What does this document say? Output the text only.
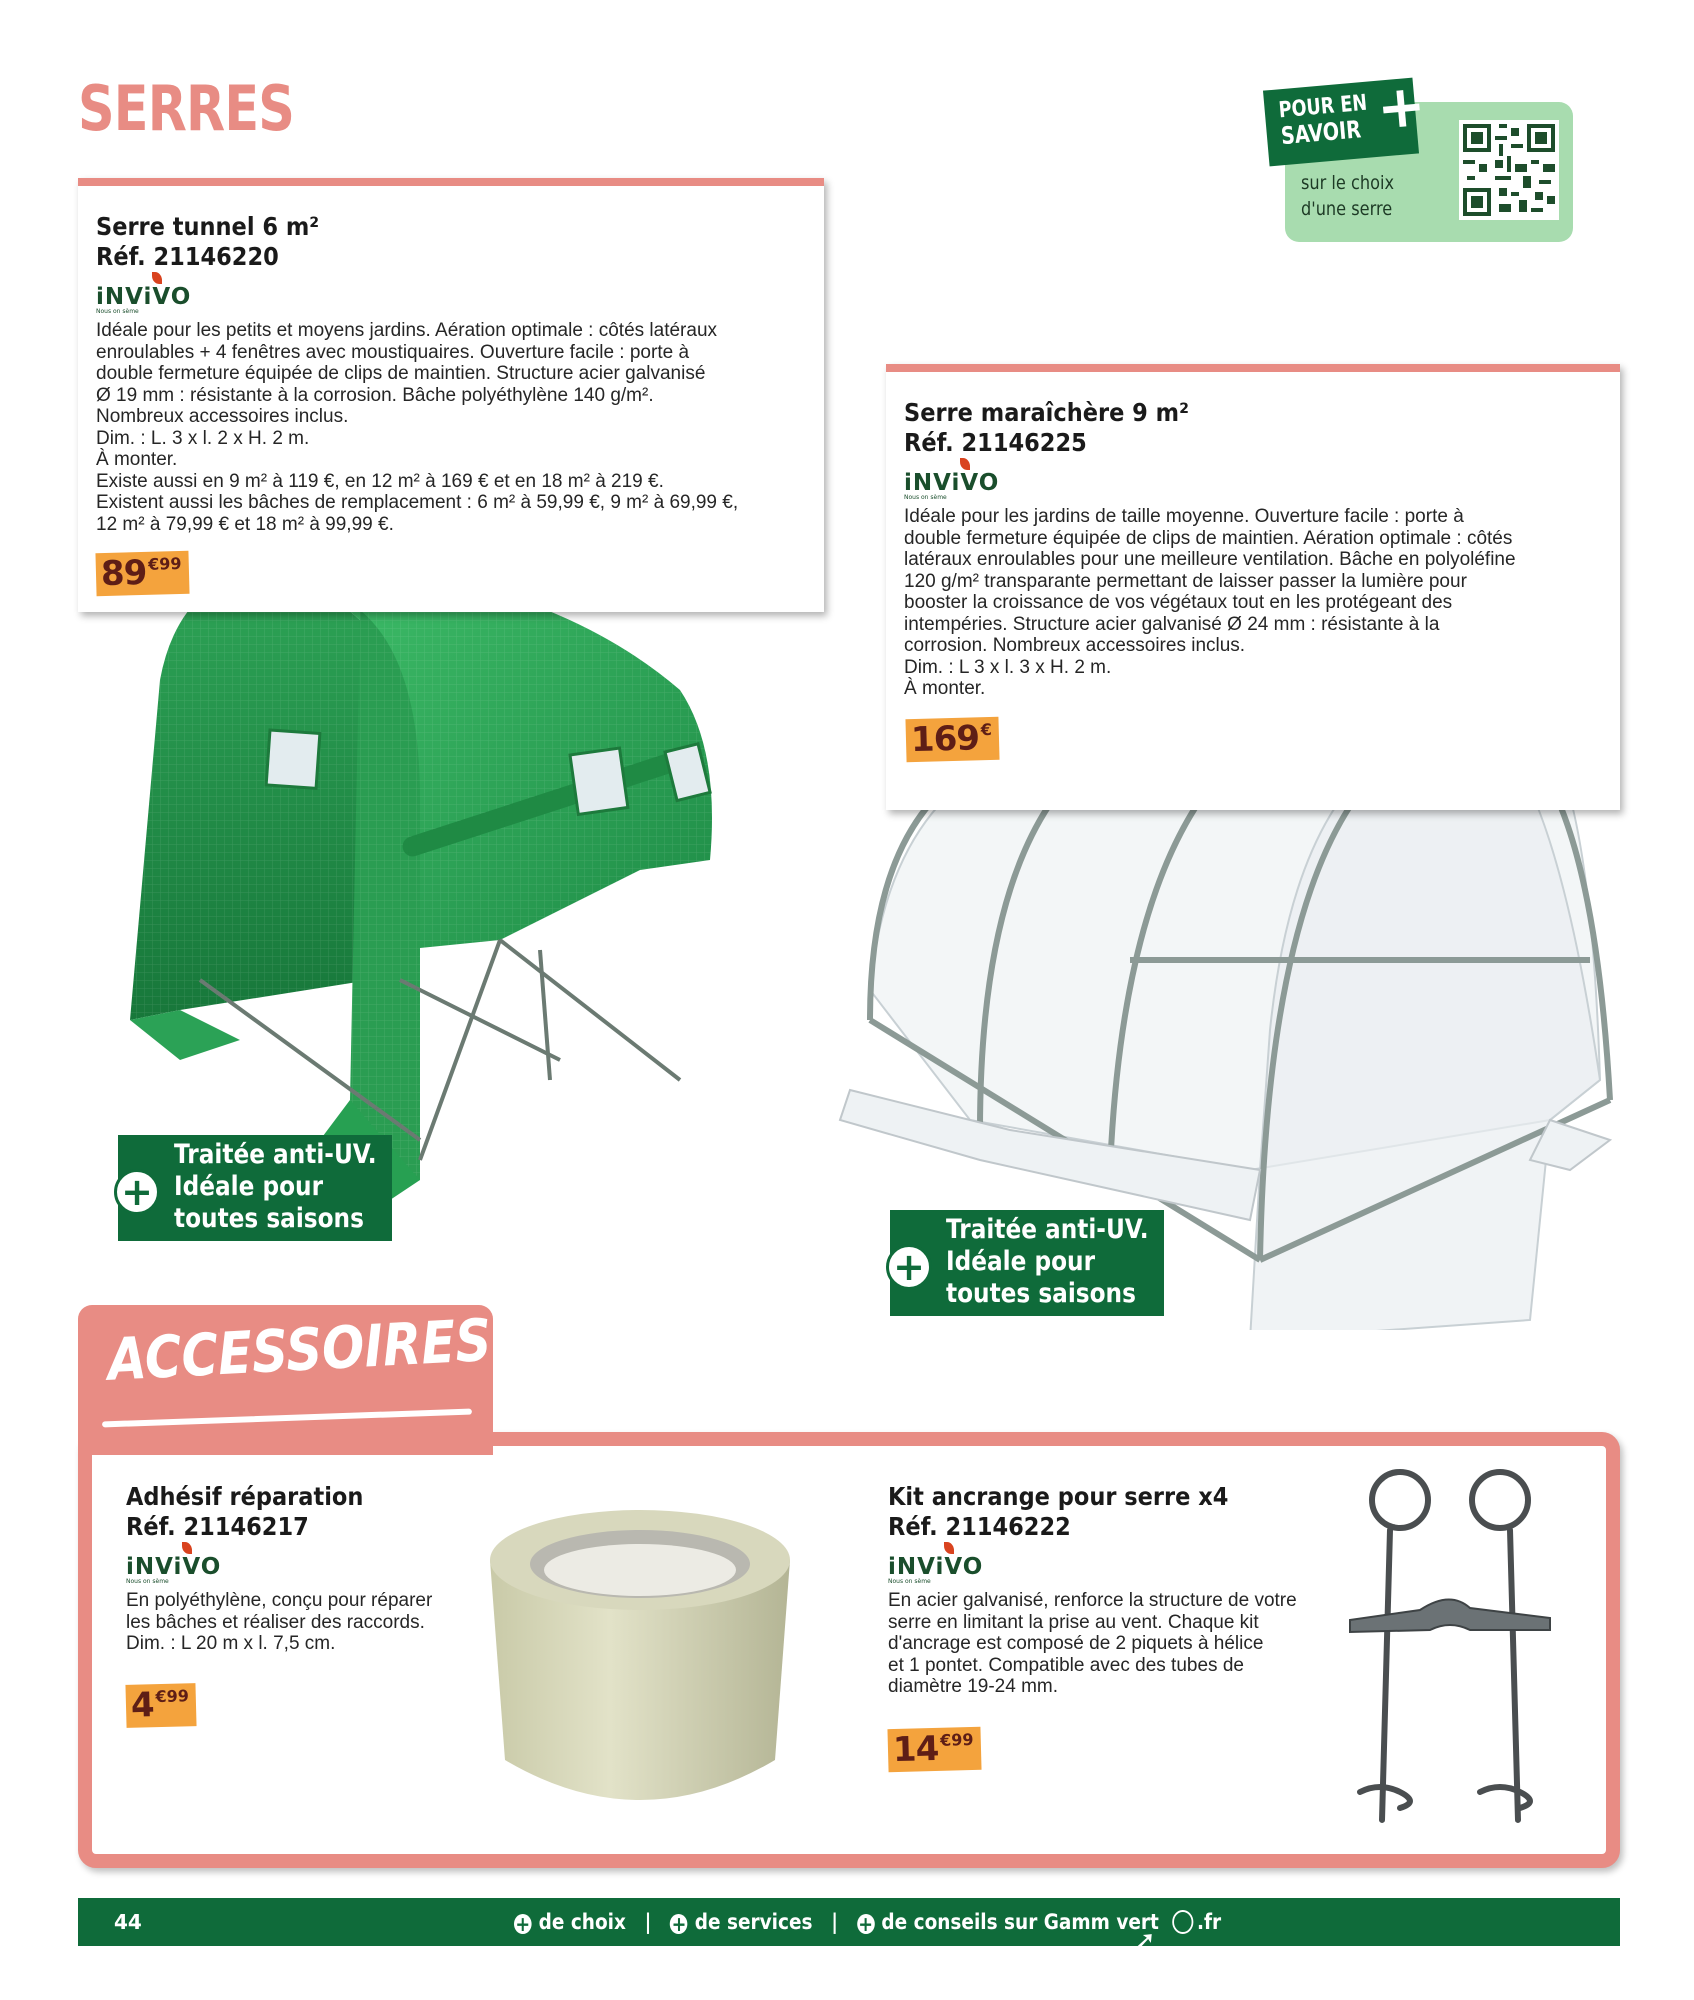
SERRES	POUR EN
SAVOIR +
sur le choix
d'une serre
Serre tunnel 6 m²
Réf. 21146220
iNViVO
Nous on sème

Idéale pour les petits et moyens jardins. Aération optimale : côtés latéraux
enroulables + 4 fenêtres avec moustiquaires. Ouverture facile : porte à
double fermeture équipée de clips de maintien. Structure acier galvanisé
Ø 19 mm : résistante à la corrosion. Bâche polyéthylène 140 g/m².
Nombreux accessoires inclus.
Dim. : L. 3 x l. 2 x H. 2 m.
À monter.
Existe aussi en 9 m² à 119 €, en 12 m² à 169 € et en 18 m² à 219 €.
Existent aussi les bâches de remplacement : 6 m² à 59,99 €, 9 m² à 69,99 €,
12 m² à 79,99 € et 18 m² à 99,99 €.

89 €99
+
Traitée anti-UV.
Idéale pour
toutes saisons
Serre maraîchère 9 m²
Réf. 21146225
iNViVO
Nous on sème

Idéale pour les jardins de taille moyenne. Ouverture facile : porte à
double fermeture équipée de clips de maintien. Aération optimale : côtés
latéraux enroulables pour une meilleure ventilation. Bâche en polyoléfine
120 g/m² transparante permettant de laisser passer la lumière pour
booster la croissance de vos végétaux tout en les protégeant des
intempéries. Structure acier galvanisé Ø 24 mm : résistante à la
corrosion. Nombreux accessoires inclus.
Dim. : L 3 x l. 3 x H. 2 m.
À monter.

169 €
+
Traitée anti-UV.
Idéale pour
toutes saisons
ACCESSOIRES
Adhésif réparation
Réf. 21146217
iNViVO
Nous on sème

En polyéthylène, conçu pour réparer
les bâches et réaliser des raccords.
Dim. : L 20 m x l. 7,5 cm.

4 €99
Kit ancrange pour serre x4
Réf. 21146222
iNViVO
Nous on sème

En acier galvanisé, renforce la structure de votre
serre en limitant la prise au vent. Chaque kit
d'ancrage est composé de 2 piquets à hélice
et 1 pontet. Compatible avec des tubes de
diamètre 19-24 mm.

14 €99
44	+ de choix | + de services | + de conseils sur Gamm vert .fr
➚
